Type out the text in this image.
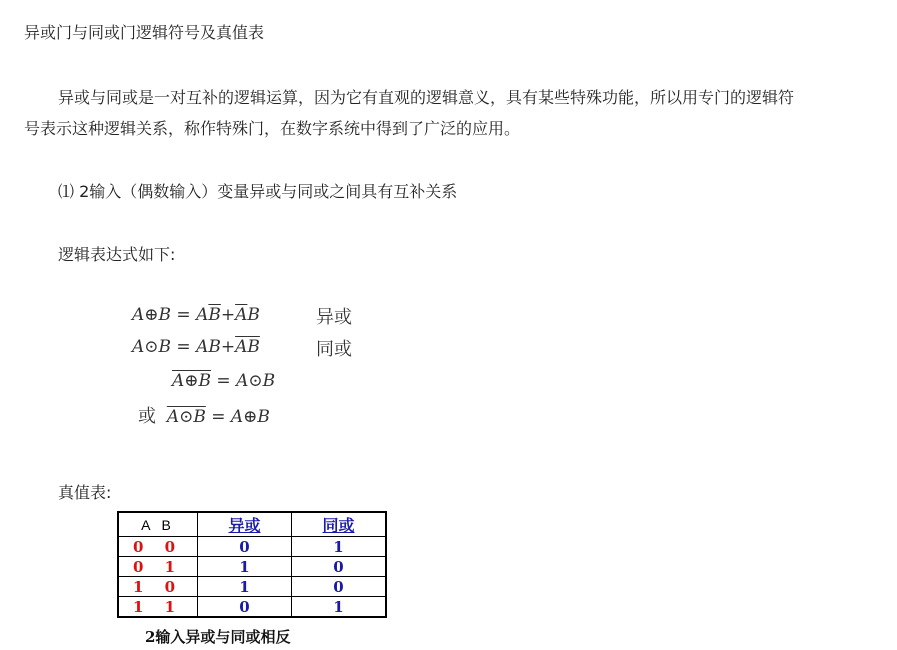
异或门与同或门逻辑符号及真值表
异或与同或是一对互补的逻辑运算，因为它有直观的逻辑意义，具有某些特殊功能，所以用专门的逻辑符
号表示这种逻辑关系，称作特殊门，在数字系统中得到了广泛的应用。
⑴ 2输入（偶数输入）变量异或与同或之间具有互补关系
逻辑表达式如下:
A⊕B = $A\overline{B}+\overline{A}B$	异或
A⊙B = $AB+\overline{A}\overline{B}$	同或
A⊕B = A⊙B
或 A⊙B = A⊕B
真值表:
A B	异或	同或
0 0	0	1
0 1	1	0
1 0	1	0
1 1	0	1
2输入异或与同或相反
